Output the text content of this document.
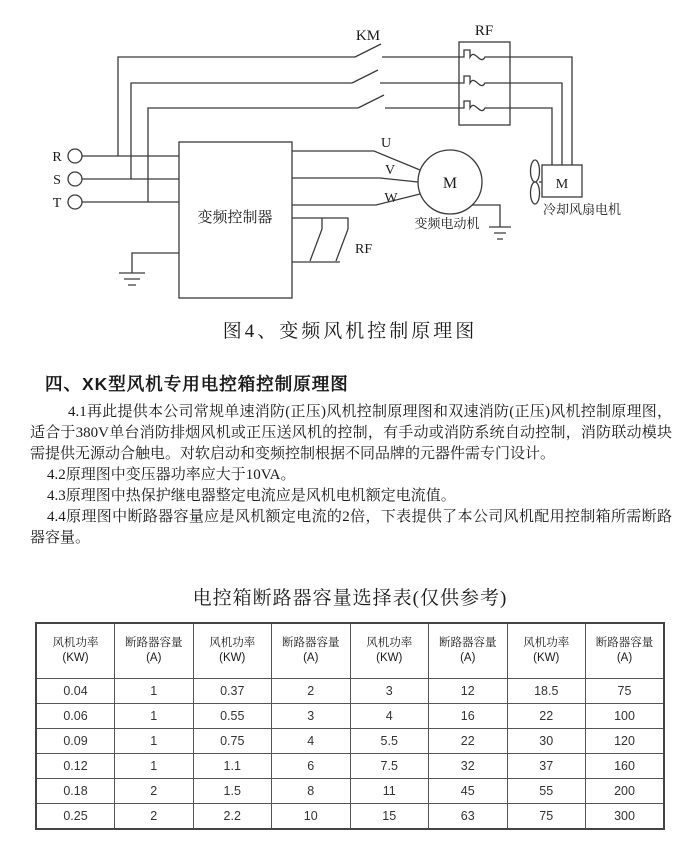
R
S
T
KM	RF
U
V
W
变频控制器
M
变频电动机
M
冷却风扇电机
RF
图4、变频风机控制原理图
四、XK型风机专用电控箱控制原理图

4.1再此提供本公司常规单速消防(正压)风机控制原理图和双速消防(正压)风机控制原理图，适合于380V单台消防排烟风机或正压送风机的控制，有手动或消防系统自动控制，消防联动模块需提供无源动合触电。对软启动和变频控制根据不同品牌的元器件需专门设计。

4.2原理图中变压器功率应大于10VA。

4.3原理图中热保护继电器整定电流应是风机电机额定电流值。

4.4原理图中断路器容量应是风机额定电流的2倍，下表提供了本公司风机配用控制箱所需断路器容量。

电控箱断路器容量选择表(仅供参考)
风机功率
(KW)	断路器容量
(A)	风机功率
(KW)	断路器容量
(A)	风机功率
(KW)	断路器容量
(A)	风机功率
(KW)	断路器容量
(A)

0.04	1	0.37	2	3	12	18.5	75
0.06	1	0.55	3	4	16	22	100
0.09	1	0.75	4	5.5	22	30	120
0.12	1	1.1	6	7.5	32	37	160
0.18	2	1.5	8	11	45	55	200
0.25	2	2.2	10	15	63	75	300
